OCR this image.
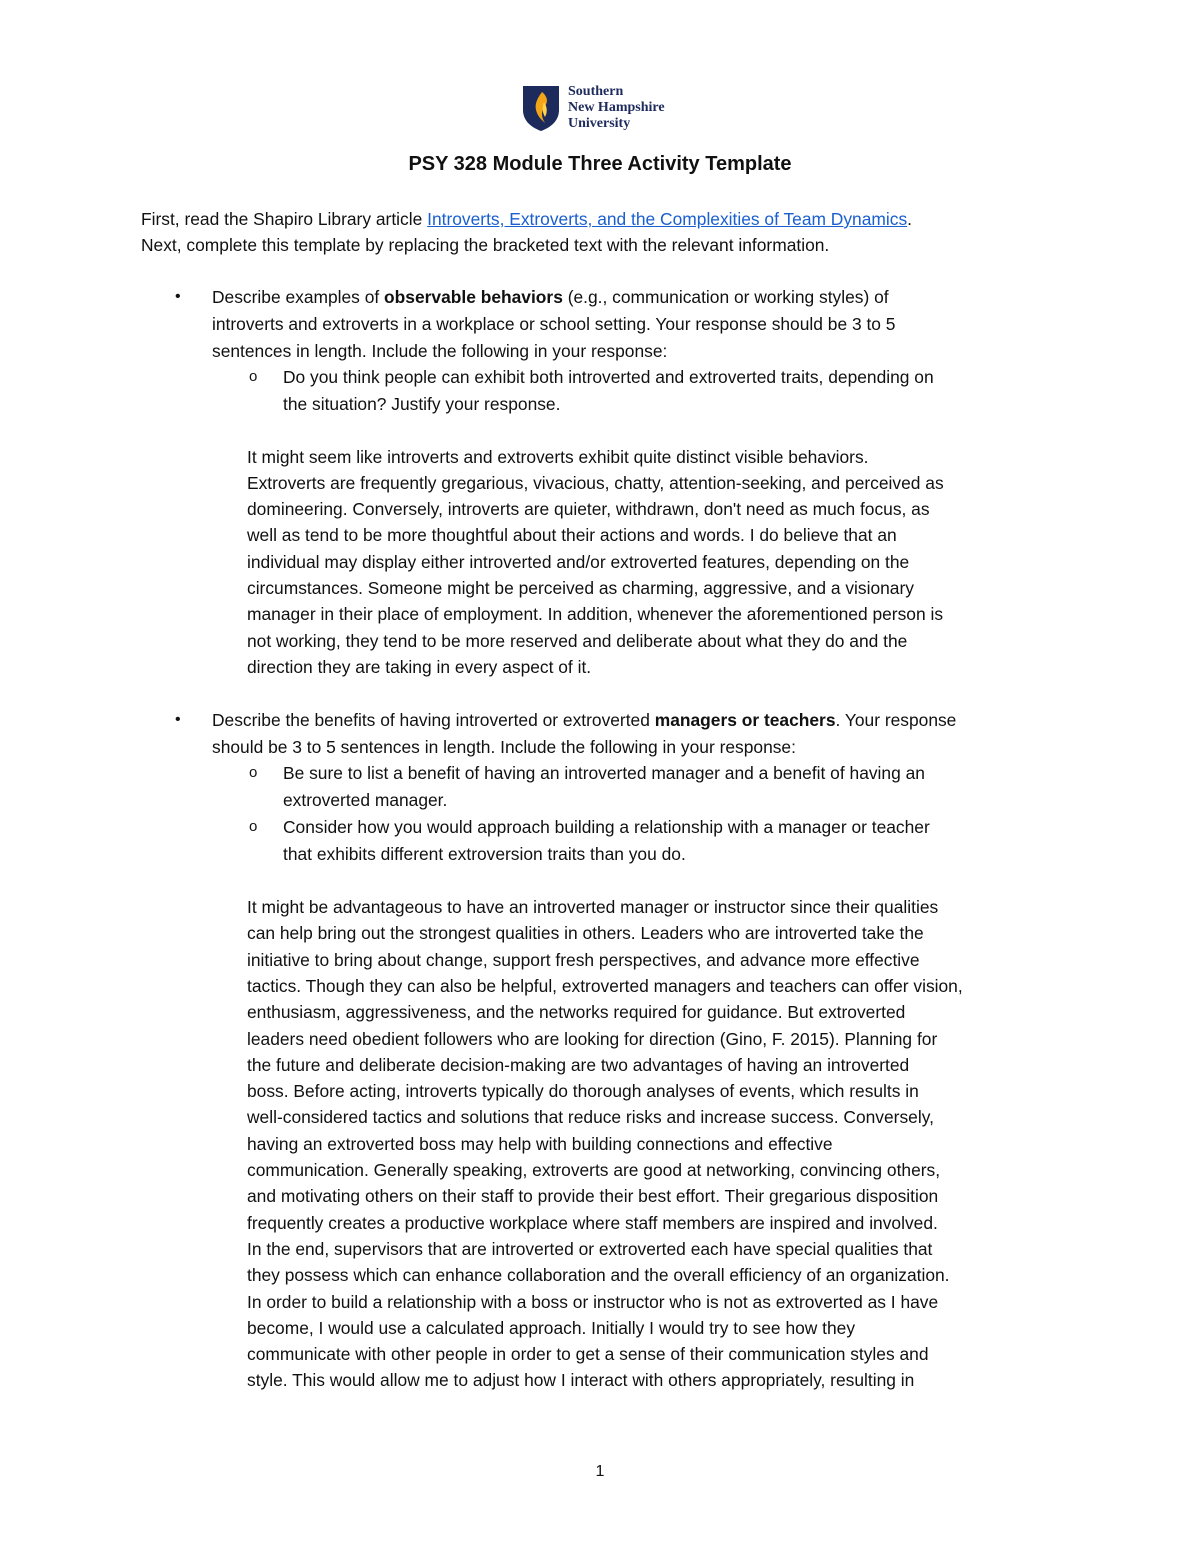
Southern
New Hampshire
University
PSY 328 Module Three Activity Template
First, read the Shapiro Library article Introverts, Extroverts, and the Complexities of Team Dynamics.
Next, complete this template by replacing the bracketed text with the relevant information.
• Describe examples of observable behaviors (e.g., communication or working styles) of
introverts and extroverts in a workplace or school setting. Your response should be 3 to 5
sentences in length. Include the following in your response:
o Do you think people can exhibit both introverted and extroverted traits, depending on
the situation? Justify your response.
It might seem like introverts and extroverts exhibit quite distinct visible behaviors.
Extroverts are frequently gregarious, vivacious, chatty, attention-seeking, and perceived as
domineering. Conversely, introverts are quieter, withdrawn, don't need as much focus, as
well as tend to be more thoughtful about their actions and words. I do believe that an
individual may display either introverted and/or extroverted features, depending on the
circumstances. Someone might be perceived as charming, aggressive, and a visionary
manager in their place of employment. In addition, whenever the aforementioned person is
not working, they tend to be more reserved and deliberate about what they do and the
direction they are taking in every aspect of it.
• Describe the benefits of having introverted or extroverted managers or teachers. Your response
should be 3 to 5 sentences in length. Include the following in your response:
o Be sure to list a benefit of having an introverted manager and a benefit of having an
extroverted manager.
o Consider how you would approach building a relationship with a manager or teacher
that exhibits different extroversion traits than you do.
It might be advantageous to have an introverted manager or instructor since their qualities
can help bring out the strongest qualities in others. Leaders who are introverted take the
initiative to bring about change, support fresh perspectives, and advance more effective
tactics. Though they can also be helpful, extroverted managers and teachers can offer vision,
enthusiasm, aggressiveness, and the networks required for guidance. But extroverted
leaders need obedient followers who are looking for direction (Gino, F. 2015). Planning for
the future and deliberate decision-making are two advantages of having an introverted
boss. Before acting, introverts typically do thorough analyses of events, which results in
well-considered tactics and solutions that reduce risks and increase success. Conversely,
having an extroverted boss may help with building connections and effective
communication. Generally speaking, extroverts are good at networking, convincing others,
and motivating others on their staff to provide their best effort. Their gregarious disposition
frequently creates a productive workplace where staff members are inspired and involved.
In the end, supervisors that are introverted or extroverted each have special qualities that
they possess which can enhance collaboration and the overall efficiency of an organization.
In order to build a relationship with a boss or instructor who is not as extroverted as I have
become, I would use a calculated approach. Initially I would try to see how they
communicate with other people in order to get a sense of their communication styles and
style. This would allow me to adjust how I interact with others appropriately, resulting in
1
